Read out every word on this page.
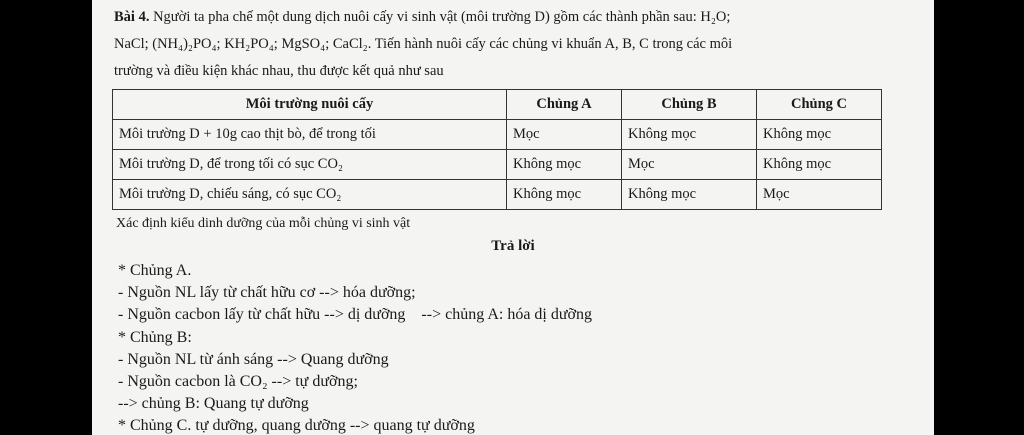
Bài 4. Người ta pha chế một dung dịch nuôi cấy vi sinh vật (môi trường D) gồm các thành phần sau: H₂O;

NaCl; (NH₄)₂PO₄; KH₂PO₄; MgSO₄; CaCl₂. Tiến hành nuôi cấy các chủng vi khuẩn A, B, C trong các môi

trường và điều kiện khác nhau, thu được kết quả như sau

Môi trường nuôi cấy	Chủng A	Chủng B	Chủng C
Môi trường D + 10g cao thịt bò, để trong tối	Mọc	Không mọc	Không mọc
Môi trường D, để trong tối có sục CO₂	Không mọc	Mọc	Không mọc
Môi trường D, chiếu sáng, có sục CO₂	Không mọc	Không mọc	Mọc
Xác định kiểu dinh dưỡng của mỗi chủng vi sinh vật
Trả lời

* Chủng A.

- Nguồn NL lấy từ chất hữu cơ --> hóa dưỡng;

- Nguồn cacbon lấy từ chất hữu --> dị dưỡng    --> chủng A: hóa dị dưỡng

* Chủng B:

- Nguồn NL từ ánh sáng --> Quang dưỡng

- Nguồn cacbon là CO₂ --> tự dưỡng;

--> chủng B: Quang tự dưỡng

* Chủng C. tự dưỡng, quang dưỡng --> quang tự dưỡng
